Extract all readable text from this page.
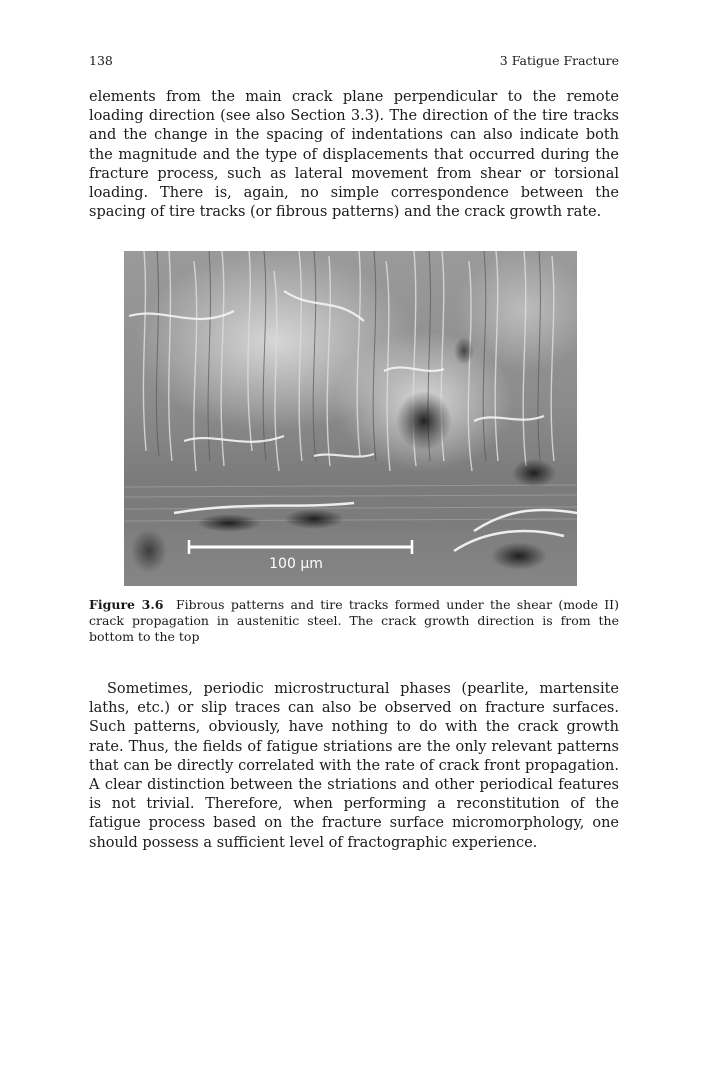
138	3 Fatigue Fracture

elements from the main crack plane perpendicular to the remote loading direction (see also Section 3.3). The direction of the tire tracks and the change in the spacing of indentations can also indicate both the magnitude and the type of displacements that occurred during the fracture process, such as lateral movement from shear or torsional loading. There is, again, no simple correspondence between the spacing of tire tracks (or fibrous patterns) and the crack growth rate.

100 µm

Figure 3.6 Fibrous patterns and tire tracks formed under the shear (mode II) crack propagation in austenitic steel. The crack growth direction is from the bottom to the top

Sometimes, periodic microstructural phases (pearlite, martensite laths, etc.) or slip traces can also be observed on fracture surfaces. Such patterns, obviously, have nothing to do with the crack growth rate. Thus, the fields of fatigue striations are the only relevant patterns that can be directly correlated with the rate of crack front propagation. A clear distinction between the striations and other periodical features is not trivial. Therefore, when performing a reconstitution of the fatigue process based on the fracture surface micromorphology, one should possess a sufficient level of fractographic experience.
